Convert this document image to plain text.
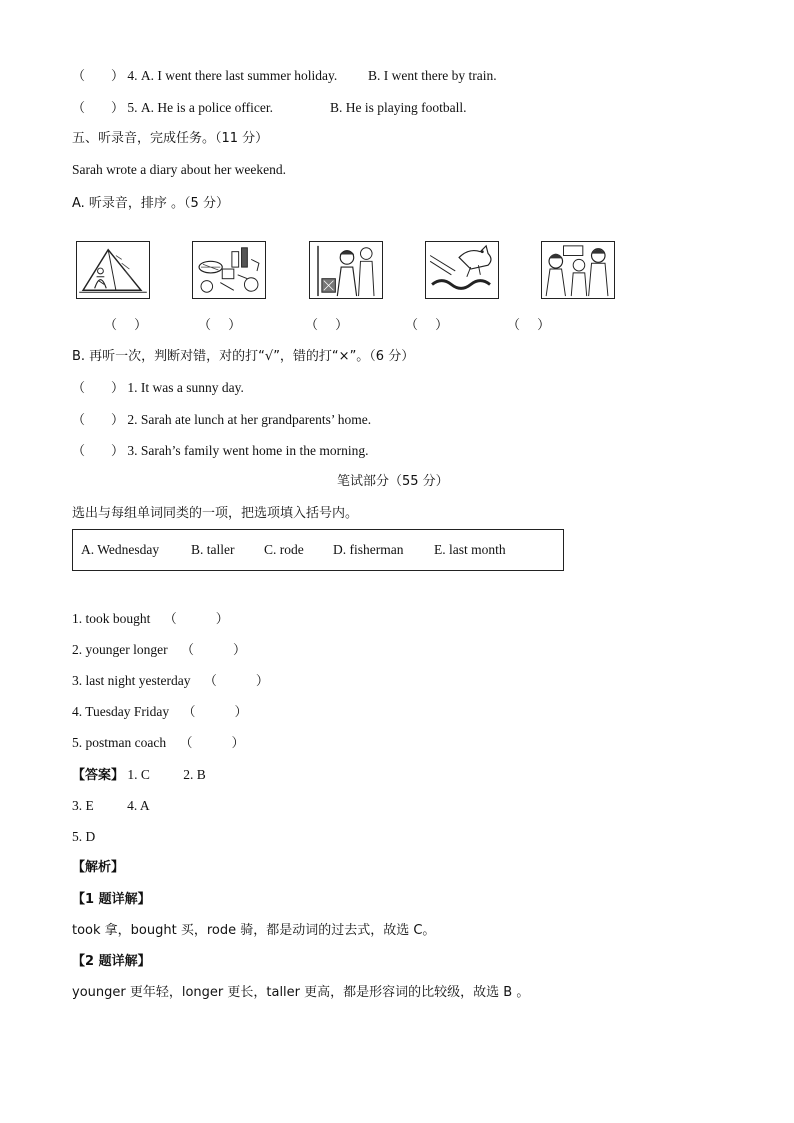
（　　） 4. A. I went there last summer holiday. B. I went there by train.
（　　） 5. A. He is a police officer.	B. He is playing football.
五、听录音，完成任务。（11 分）
Sarah wrote a diary about her weekend.
A. 听录音，排序 。（5 分）
（　 ）	（　 ）	（　 ）	（　 ）	（　 ）
B. 再听一次，判断对错，对的打“√”，错的打“×”。（6 分）
（　　） 1. It was a sunny day.
（　　） 2. Sarah ate lunch at her grandparents’ home.
（　　） 3. Sarah’s family went home in the morning.
笔试部分（55 分）
选出与每组单词同类的一项，把选项填入括号内。
A. Wednesday B. taller C. rode D. fisherman E. last month
1. took bought （　　　）
2. younger longer （　　　）
3. last night yesterday （　　　）
4. Tuesday Friday （　　　）
5. postman coach （　　　）
【答案】 1. C 2. B
3. E 4. A
5. D
【解析】
【1 题详解】
took 拿，bought 买，rode 骑，都是动词的过去式，故选 C。
【2 题详解】
younger 更年轻，longer 更长，taller 更高，都是形容词的比较级，故选 B 。
